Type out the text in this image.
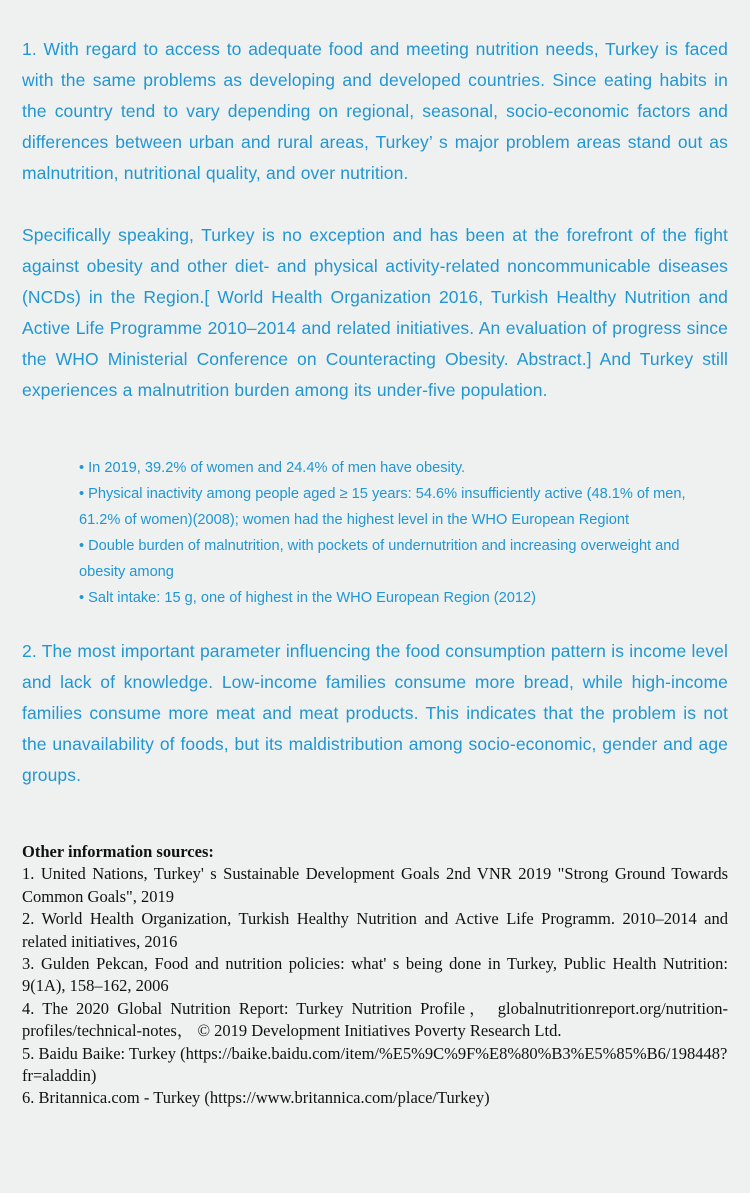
1. With regard to access to adequate food and meeting nutrition needs, Turkey is faced with the same problems as developing and developed countries. Since eating habits in the country tend to vary depending on regional, seasonal, socio-economic factors and differences between urban and rural areas, Turkey’ s major problem areas stand out as malnutrition, nutritional quality, and over nutrition.

Specifically speaking, Turkey is no exception and has been at the forefront of the fight against obesity and other diet- and physical activity-related noncommunicable diseases (NCDs) in the Region.[ World Health Organization 2016, Turkish Healthy Nutrition and Active Life Programme 2010–2014 and related initiatives. An evaluation of progress since the WHO Ministerial Conference on Counteracting Obesity. Abstract.] And Turkey still experiences a malnutrition burden among its under-five population.

• In 2019, 39.2% of women and 24.4% of men have obesity.
• Physical inactivity among people aged ≥ 15 years: 54.6% insufficiently active (48.1% of men, 61.2% of women)(2008); women had the highest level in the WHO European Regiont
• Double burden of malnutrition, with pockets of undernutrition and increasing overweight and obesity among
• Salt intake: 15 g, one of highest in the WHO European Region (2012)

2. The most important parameter influencing the food consumption pattern is income level and lack of knowledge. Low-income families consume more bread, while high-income families consume more meat and meat products. This indicates that the problem is not the unavailability of foods, but its maldistribution among socio-economic, gender and age groups.

Other information sources:
1. United Nations, Turkey' s Sustainable Development Goals 2nd VNR 2019 "Strong Ground Towards Common Goals", 2019
2. World Health Organization, Turkish Healthy Nutrition and Active Life Programm. 2010–2014 and related initiatives, 2016
3. Gulden Pekcan, Food and nutrition policies: what' s being done in Turkey, Public Health Nutrition: 9(1A), 158–162, 2006
4. The 2020 Global Nutrition Report: Turkey Nutrition Profile， globalnutritionreport.org/nutrition-profiles/technical-notes， © 2019 Development Initiatives Poverty Research Ltd.
5. Baidu Baike: Turkey (https://baike.baidu.com/item/%E5%9C%9F%E8%80%B3%E5%85%B6/198448?fr=aladdin)
6. Britannica.com - Turkey (https://www.britannica.com/place/Turkey)
